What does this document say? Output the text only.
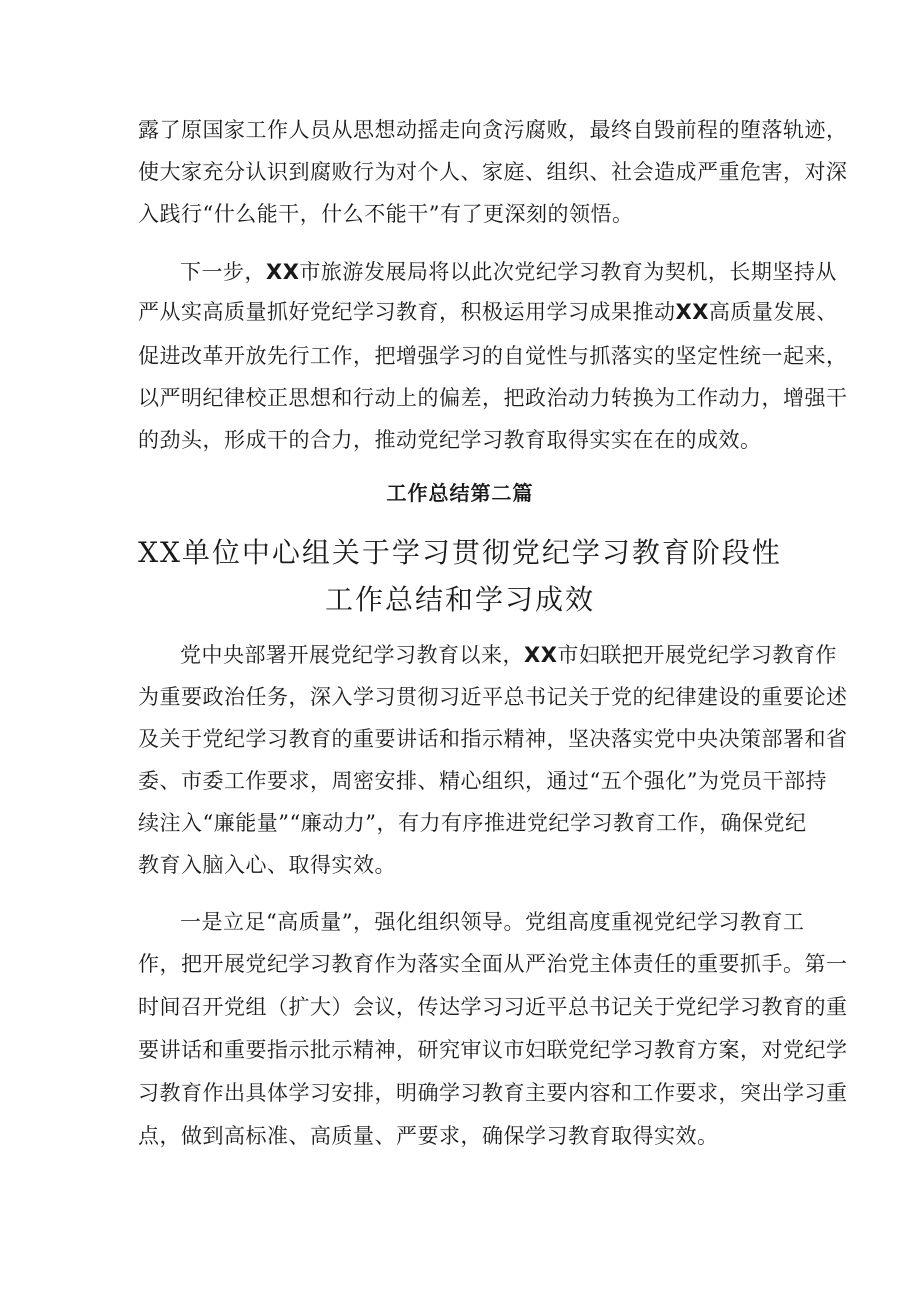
露了原国家工作人员从思想动摇走向贪污腐败，最终自毁前程的堕落轨迹，
使大家充分认识到腐败行为对个人、家庭、组织、社会造成严重危害，对深
入践行“什么能干，什么不能干”有了更深刻的领悟。
下一步，XX市旅游发展局将以此次党纪学习教育为契机，长期坚持从
严从实高质量抓好党纪学习教育，积极运用学习成果推动XX高质量发展、
促进改革开放先行工作，把增强学习的自觉性与抓落实的坚定性统一起来，
以严明纪律校正思想和行动上的偏差，把政治动力转换为工作动力，增强干
的劲头，形成干的合力，推动党纪学习教育取得实实在在的成效。
工作总结第二篇
XX单位中心组关于学习贯彻党纪学习教育阶段性
工作总结和学习成效
党中央部署开展党纪学习教育以来，XX市妇联把开展党纪学习教育作
为重要政治任务，深入学习贯彻习近平总书记关于党的纪律建设的重要论述
及关于党纪学习教育的重要讲话和指示精神，坚决落实党中央决策部署和省
委、市委工作要求，周密安排、精心组织，通过“五个强化”为党员干部持
续注入“廉能量”“廉动力”，有力有序推进党纪学习教育工作，确保党纪
教育入脑入心、取得实效。
一是立足“高质量”，强化组织领导。党组高度重视党纪学习教育工
作，把开展党纪学习教育作为落实全面从严治党主体责任的重要抓手。第一
时间召开党组（扩大）会议，传达学习习近平总书记关于党纪学习教育的重
要讲话和重要指示批示精神，研究审议市妇联党纪学习教育方案，对党纪学
习教育作出具体学习安排，明确学习教育主要内容和工作要求，突出学习重
点，做到高标准、高质量、严要求，确保学习教育取得实效。
